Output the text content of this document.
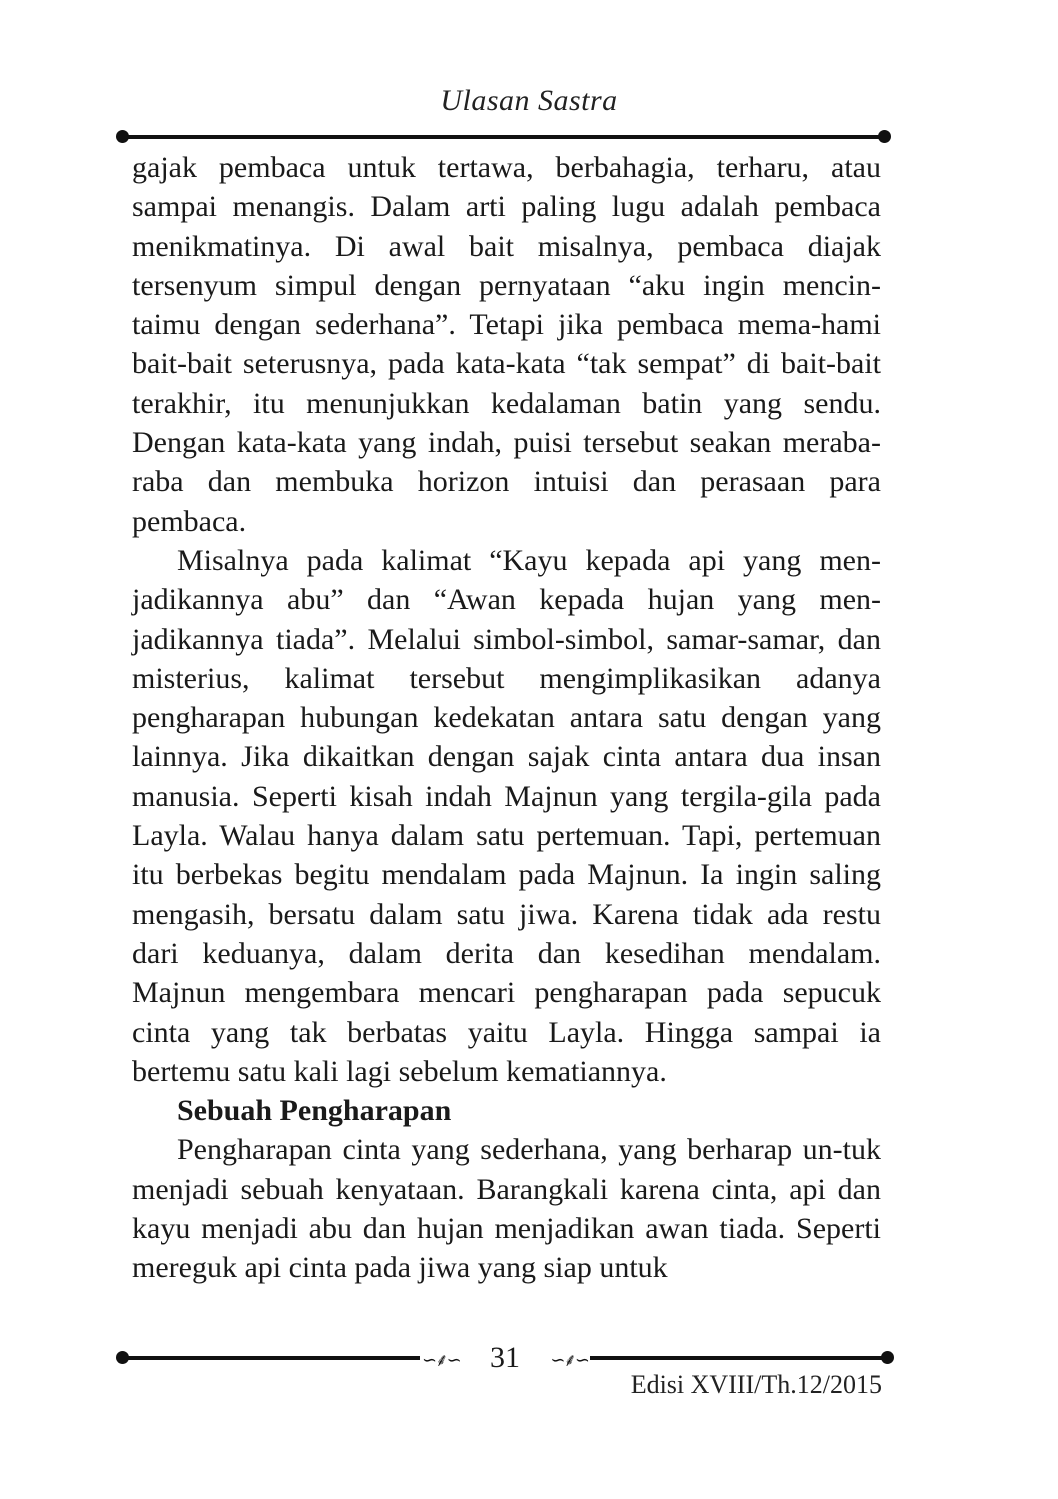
Ulasan Sastra

gajak pembaca untuk tertawa, berbahagia, terharu, atau sampai menangis. Dalam arti paling lugu adalah pembaca menikmatinya. Di awal bait misalnya, pembaca diajak tersenyum simpul dengan pernyataan “aku ingin mencin-taimu dengan sederhana”. Tetapi jika pembaca mema-hami bait-bait seterusnya, pada kata-kata “tak sempat” di bait-bait terakhir, itu menunjukkan kedalaman batin yang sendu. Dengan kata-kata yang indah, puisi tersebut seakan meraba-raba dan membuka horizon intuisi dan perasaan para pembaca.

Misalnya pada kalimat “Kayu kepada api yang men-jadikannya abu” dan “Awan kepada hujan yang men-jadikannya tiada”. Melalui simbol-simbol, samar-samar, dan misterius, kalimat tersebut mengimplikasikan adanya pengharapan hubungan kedekatan antara satu dengan yang lainnya. Jika dikaitkan dengan sajak cinta antara dua insan manusia. Seperti kisah indah Majnun yang tergila-gila pada Layla. Walau hanya dalam satu pertemuan. Tapi, pertemuan itu berbekas begitu mendalam pada Majnun. Ia ingin saling mengasih, bersatu dalam satu jiwa. Karena tidak ada restu dari keduanya, dalam derita dan kesedihan mendalam. Majnun mengembara mencari pengharapan pada sepucuk cinta yang tak berbatas yaitu Layla. Hingga sampai ia bertemu satu kali lagi sebelum kematiannya.

Sebuah Pengharapan

Pengharapan cinta yang sederhana, yang berharap un-tuk menjadi sebuah kenyataan. Barangkali karena cinta, api dan kayu menjadi abu dan hujan menjadikan awan tiada. Seperti mereguk api cinta pada jiwa yang siap untuk

∽⸙∽ 31 ∽⸙∽
Edisi XVIII/Th.12/2015
